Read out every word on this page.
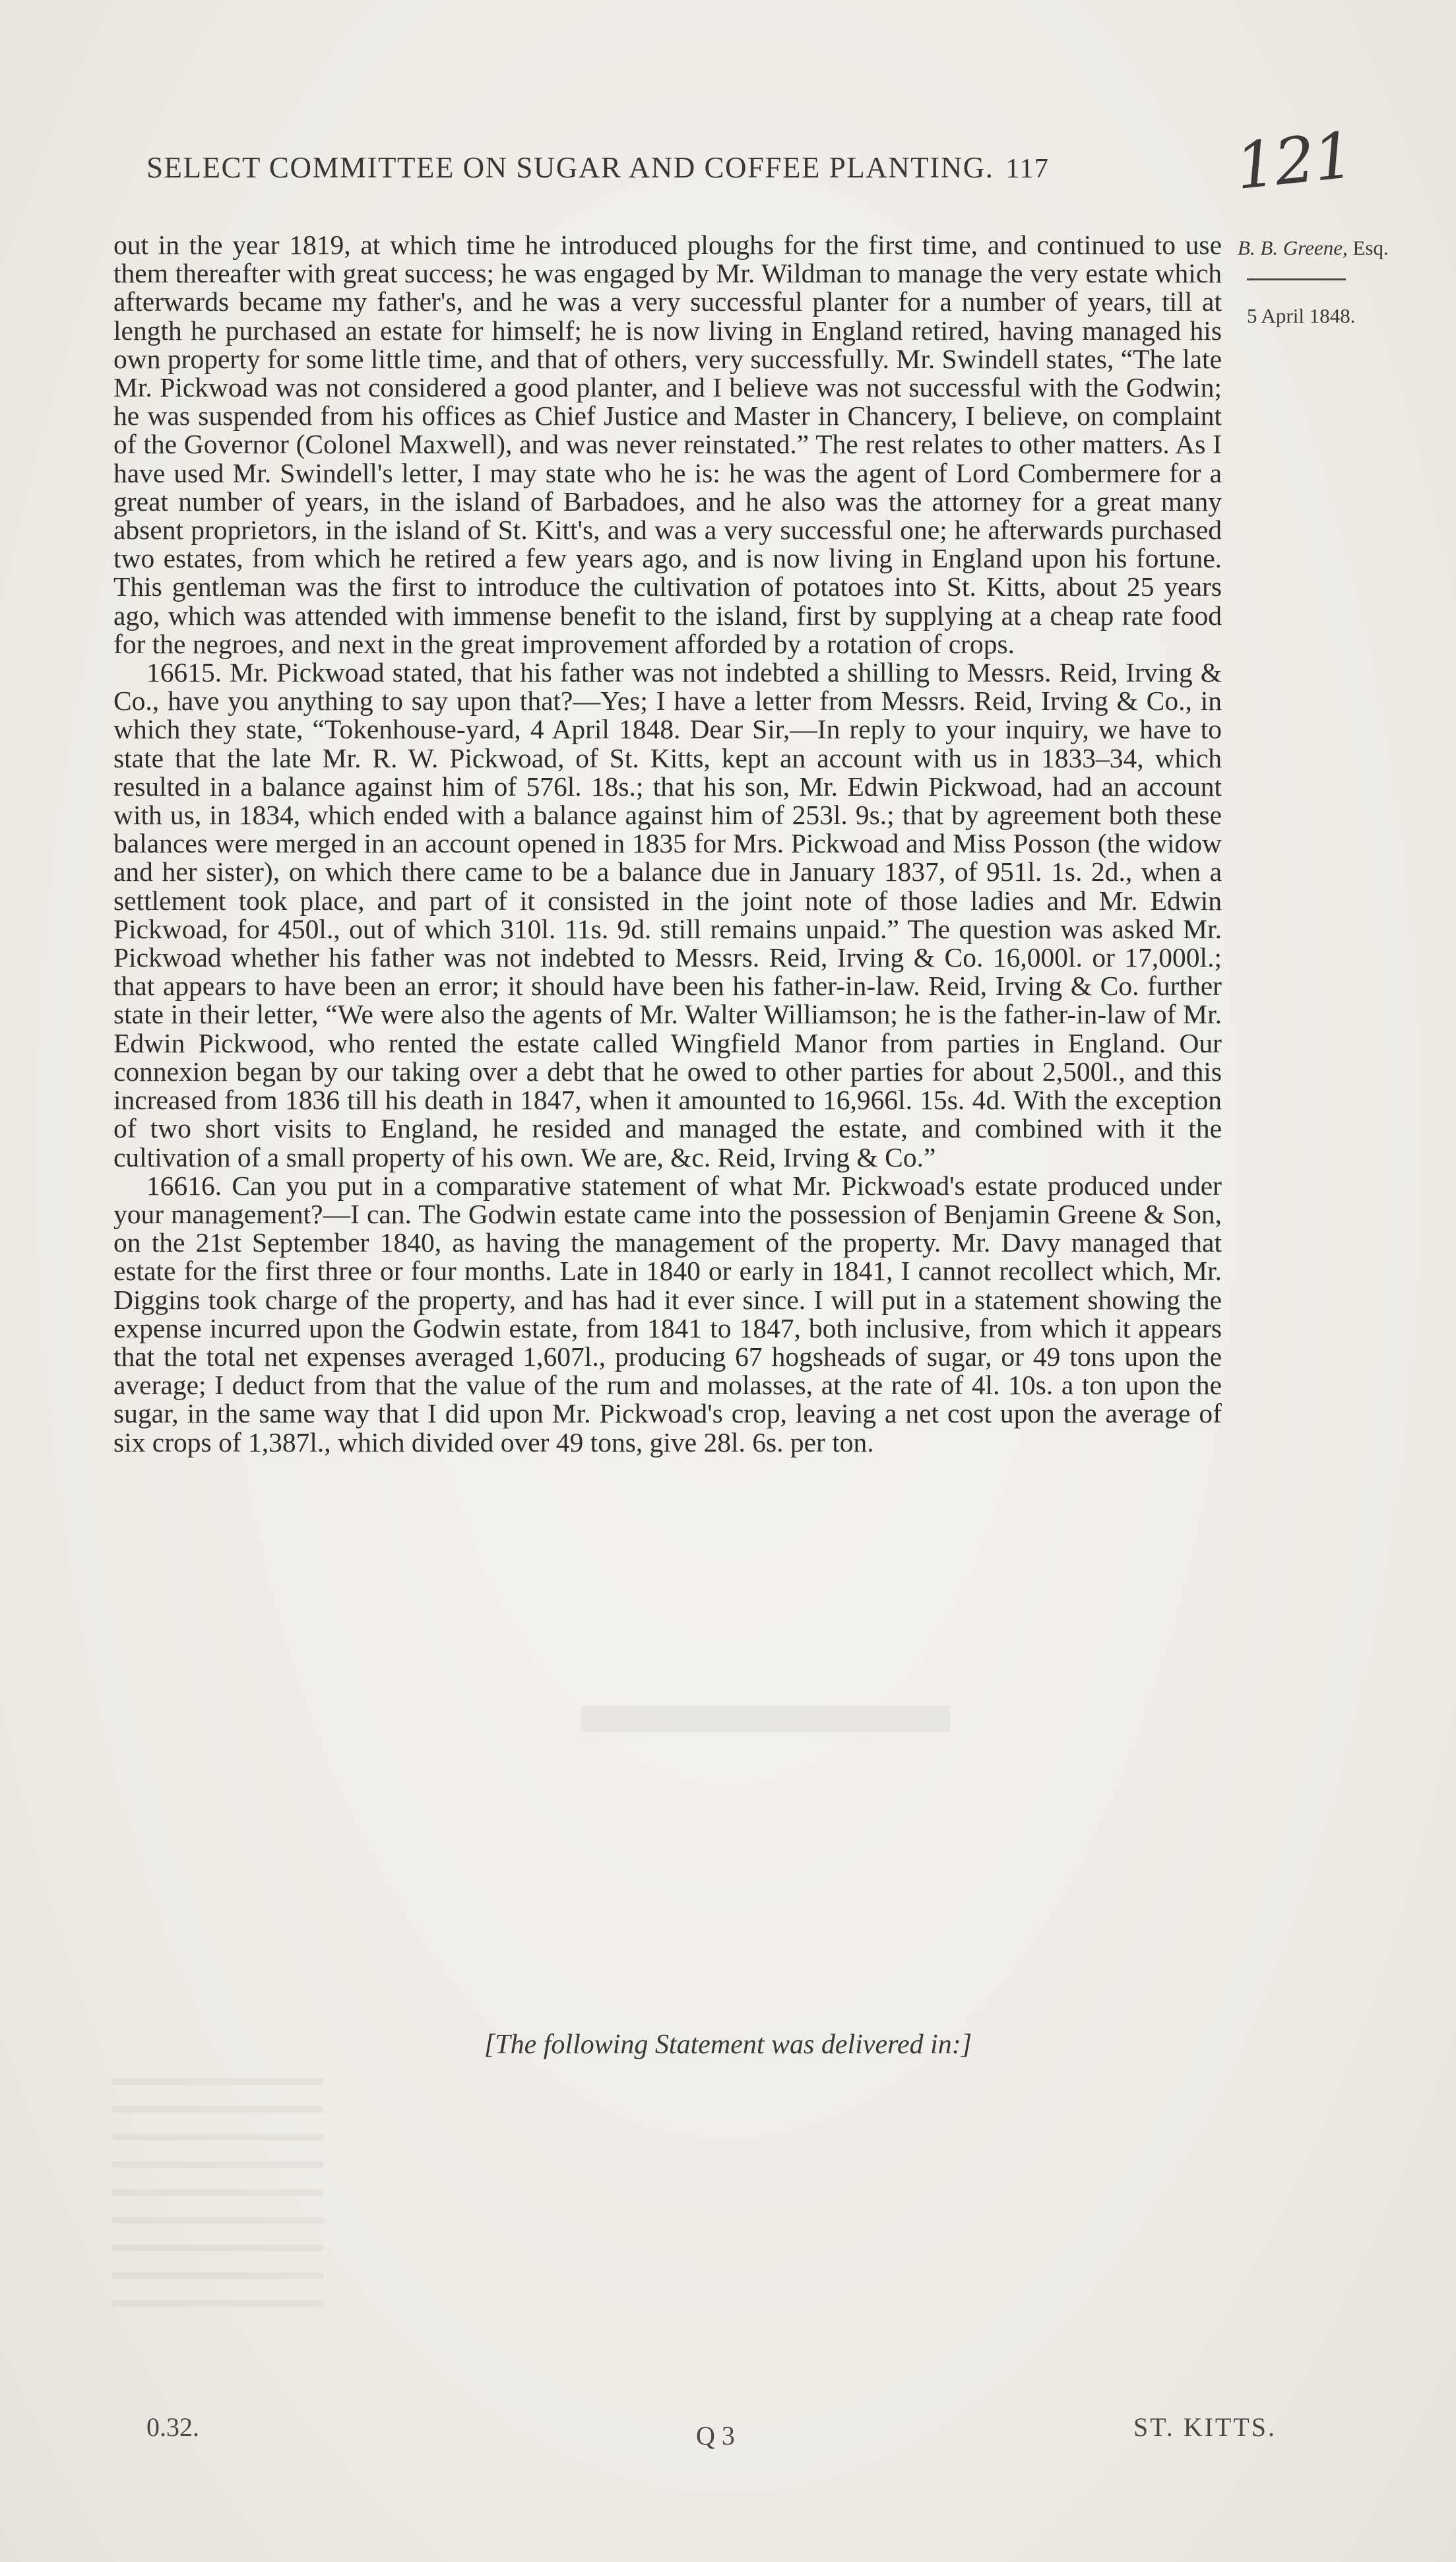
SELECT COMMITTEE ON SUGAR AND COFFEE PLANTING. 117	121
B. B. Greene, Esq.
5 April 1848.

out in the year 1819, at which time he introduced ploughs for the first time, and continued to use them thereafter with great success; he was engaged by Mr. Wildman to manage the very estate which afterwards became my father's, and he was a very successful planter for a number of years, till at length he purchased an estate for himself; he is now living in England retired, having managed his own property for some little time, and that of others, very successfully. Mr. Swindell states, “The late Mr. Pickwoad was not considered a good planter, and I believe was not successful with the Godwin; he was suspended from his offices as Chief Justice and Master in Chancery, I believe, on complaint of the Governor (Colonel Maxwell), and was never reinstated.” The rest relates to other matters. As I have used Mr. Swindell's letter, I may state who he is: he was the agent of Lord Combermere for a great number of years, in the island of Barbadoes, and he also was the attorney for a great many absent proprietors, in the island of St. Kitt's, and was a very successful one; he afterwards purchased two estates, from which he retired a few years ago, and is now living in England upon his fortune. This gentleman was the first to introduce the cultivation of potatoes into St. Kitts, about 25 years ago, which was attended with immense benefit to the island, first by supplying at a cheap rate food for the negroes, and next in the great improvement afforded by a rotation of crops.

16615. Mr. Pickwoad stated, that his father was not indebted a shilling to Messrs. Reid, Irving & Co., have you anything to say upon that?—Yes; I have a letter from Messrs. Reid, Irving & Co., in which they state, “Tokenhouse-yard, 4 April 1848. Dear Sir,—In reply to your inquiry, we have to state that the late Mr. R. W. Pickwoad, of St. Kitts, kept an account with us in 1833–34, which resulted in a balance against him of 576l. 18s.; that his son, Mr. Edwin Pickwoad, had an account with us, in 1834, which ended with a balance against him of 253l. 9s.; that by agreement both these balances were merged in an account opened in 1835 for Mrs. Pickwoad and Miss Posson (the widow and her sister), on which there came to be a balance due in January 1837, of 951l. 1s. 2d., when a settlement took place, and part of it consisted in the joint note of those ladies and Mr. Edwin Pickwoad, for 450l., out of which 310l. 11s. 9d. still remains unpaid.” The question was asked Mr. Pickwoad whether his father was not indebted to Messrs. Reid, Irving & Co. 16,000l. or 17,000l.; that appears to have been an error; it should have been his father-in-law. Reid, Irving & Co. further state in their letter, “We were also the agents of Mr. Walter Williamson; he is the father-in-law of Mr. Edwin Pickwood, who rented the estate called Wingfield Manor from parties in England. Our connexion began by our taking over a debt that he owed to other parties for about 2,500l., and this increased from 1836 till his death in 1847, when it amounted to 16,966l. 15s. 4d. With the exception of two short visits to England, he resided and managed the estate, and combined with it the cultivation of a small property of his own. We are, &c. Reid, Irving & Co.”

16616. Can you put in a comparative statement of what Mr. Pickwoad's estate produced under your management?—I can. The Godwin estate came into the possession of Benjamin Greene & Son, on the 21st September 1840, as having the management of the property. Mr. Davy managed that estate for the first three or four months. Late in 1840 or early in 1841, I cannot recollect which, Mr. Diggins took charge of the property, and has had it ever since. I will put in a statement showing the expense incurred upon the Godwin estate, from 1841 to 1847, both inclusive, from which it appears that the total net expenses averaged 1,607l., producing 67 hogsheads of sugar, or 49 tons upon the average; I deduct from that the value of the rum and molasses, at the rate of 4l. 10s. a ton upon the sugar, in the same way that I did upon Mr. Pickwoad's crop, leaving a net cost upon the average of six crops of 1,387l., which divided over 49 tons, give 28l. 6s. per ton.

[The following Statement was delivered in:]
0.32.	Q 3	ST. KITTS.
